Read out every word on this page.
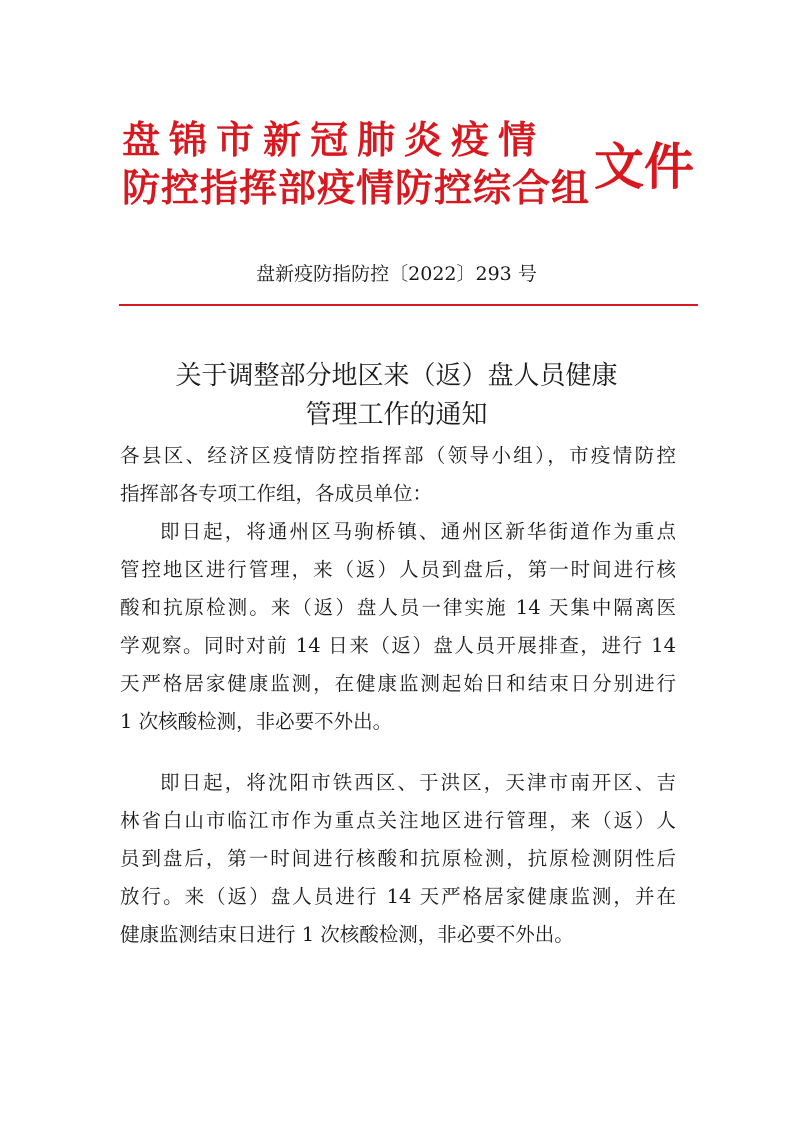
盘锦市新冠肺炎疫情
防控指挥部疫情防控综合组 文件
盘新疫防指防控〔2022〕293 号
关于调整部分地区来（返）盘人员健康
管理工作的通知
各县区、经济区疫情防控指挥部（领导小组），市疫情防控
指挥部各专项工作组，各成员单位：
即日起，将通州区马驹桥镇、通州区新华街道作为重点
管控地区进行管理，来（返）人员到盘后，第一时间进行核
酸和抗原检测。来（返）盘人员一律实施 14 天集中隔离医
学观察。同时对前 14 日来（返）盘人员开展排查，进行 14
天严格居家健康监测，在健康监测起始日和结束日分别进行
1 次核酸检测，非必要不外出。
即日起，将沈阳市铁西区、于洪区，天津市南开区、吉
林省白山市临江市作为重点关注地区进行管理，来（返）人
员到盘后，第一时间进行核酸和抗原检测，抗原检测阴性后
放行。来（返）盘人员进行 14 天严格居家健康监测，并在
健康监测结束日进行 1 次核酸检测，非必要不外出。
